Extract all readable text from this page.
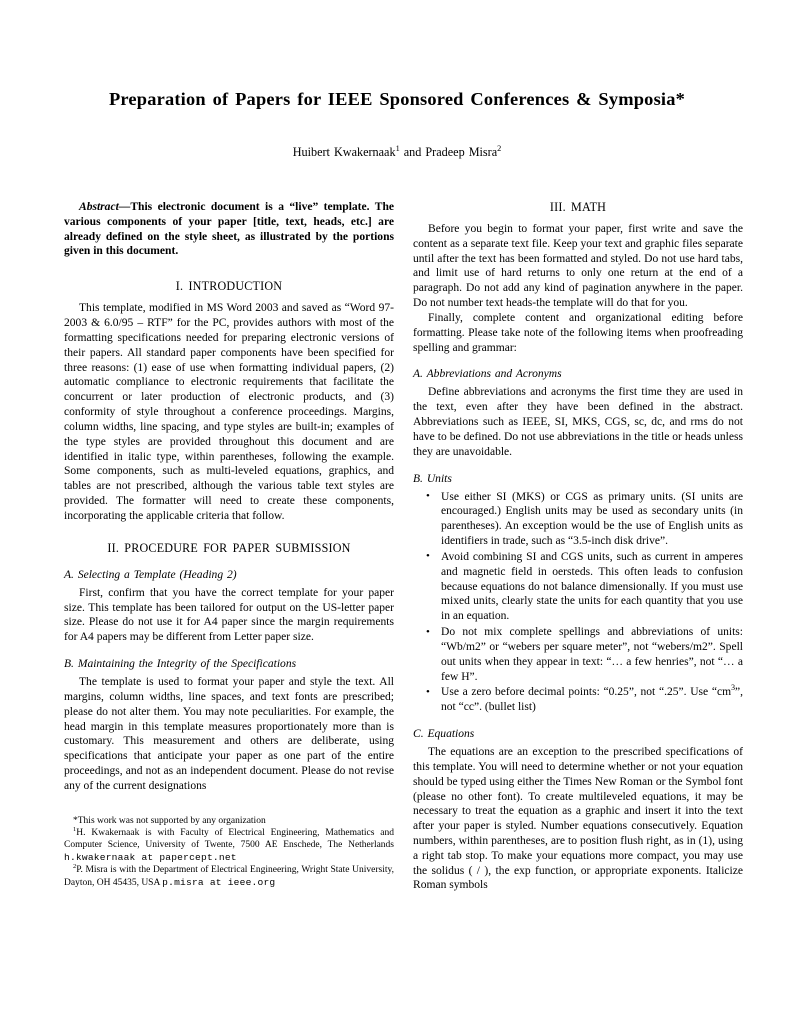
Preparation of Papers for IEEE Sponsored Conferences & Symposia*
Huibert Kwakernaak$^1$ and Pradeep Misra$^2$

Abstract—This electronic document is a “live” template. The various components of your paper [title, text, heads, etc.] are already defined on the style sheet, as illustrated by the portions given in this document.

I. INTRODUCTION

This template, modified in MS Word 2003 and saved as “Word 97-2003 & 6.0/95 – RTF” for the PC, provides authors with most of the formatting specifications needed for preparing electronic versions of their papers. All standard paper components have been specified for three reasons: (1) ease of use when formatting individual papers, (2) automatic compliance to electronic requirements that facilitate the concurrent or later production of electronic products, and (3) conformity of style throughout a conference proceedings. Margins, column widths, line spacing, and type styles are built-in; examples of the type styles are provided throughout this document and are identified in italic type, within parentheses, following the example. Some components, such as multi-leveled equations, graphics, and tables are not prescribed, although the various table text styles are provided. The formatter will need to create these components, incorporating the applicable criteria that follow.

II. PROCEDURE FOR PAPER SUBMISSION
A. Selecting a Template (Heading 2)

First, confirm that you have the correct template for your paper size. This template has been tailored for output on the US-letter paper size. Please do not use it for A4 paper since the margin requirements for A4 papers may be different from Letter paper size.

B. Maintaining the Integrity of the Specifications

The template is used to format your paper and style the text. All margins, column widths, line spaces, and text fonts are prescribed; please do not alter them. You may note peculiarities. For example, the head margin in this template measures proportionately more than is customary. This measurement and others are deliberate, using specifications that anticipate your paper as one part of the entire proceedings, and not as an independent document. Please do not revise any of the current designations

*This work was not supported by any organization

$^1$H. Kwakernaak is with Faculty of Electrical Engineering, Mathematics and Computer Science, University of Twente, 7500 AE Enschede, The Netherlands h.kwakernaak at papercept.net

$^2$P. Misra is with the Department of Electrical Engineering, Wright State University, Dayton, OH 45435, USA p.misra at ieee.org

III. MATH

Before you begin to format your paper, first write and save the content as a separate text file. Keep your text and graphic files separate until after the text has been formatted and styled. Do not use hard tabs, and limit use of hard returns to only one return at the end of a paragraph. Do not add any kind of pagination anywhere in the paper. Do not number text heads-the template will do that for you.

Finally, complete content and organizational editing before formatting. Please take note of the following items when proofreading spelling and grammar:

A. Abbreviations and Acronyms

Define abbreviations and acronyms the first time they are used in the text, even after they have been defined in the abstract. Abbreviations such as IEEE, SI, MKS, CGS, sc, dc, and rms do not have to be defined. Do not use abbreviations in the title or heads unless they are unavoidable.

B. Units
• Use either SI (MKS) or CGS as primary units. (SI units are encouraged.) English units may be used as secondary units (in parentheses). An exception would be the use of English units as identifiers in trade, such as “3.5-inch disk drive”.
• Avoid combining SI and CGS units, such as current in amperes and magnetic field in oersteds. This often leads to confusion because equations do not balance dimensionally. If you must use mixed units, clearly state the units for each quantity that you use in an equation.
• Do not mix complete spellings and abbreviations of units: “Wb/m2” or “webers per square meter”, not “webers/m2”. Spell out units when they appear in text: “… a few henries”, not “… a few H”.
• Use a zero before decimal points: “0.25”, not “.25”. Use “$cm^3$”, not “cc”. (bullet list)
C. Equations

The equations are an exception to the prescribed specifications of this template. You will need to determine whether or not your equation should be typed using either the Times New Roman or the Symbol font (please no other font). To create multileveled equations, it may be necessary to treat the equation as a graphic and insert it into the text after your paper is styled. Number equations consecutively. Equation numbers, within parentheses, are to position flush right, as in (1), using a right tab stop. To make your equations more compact, you may use the solidus ( / ), the exp function, or appropriate exponents. Italicize Roman symbols
